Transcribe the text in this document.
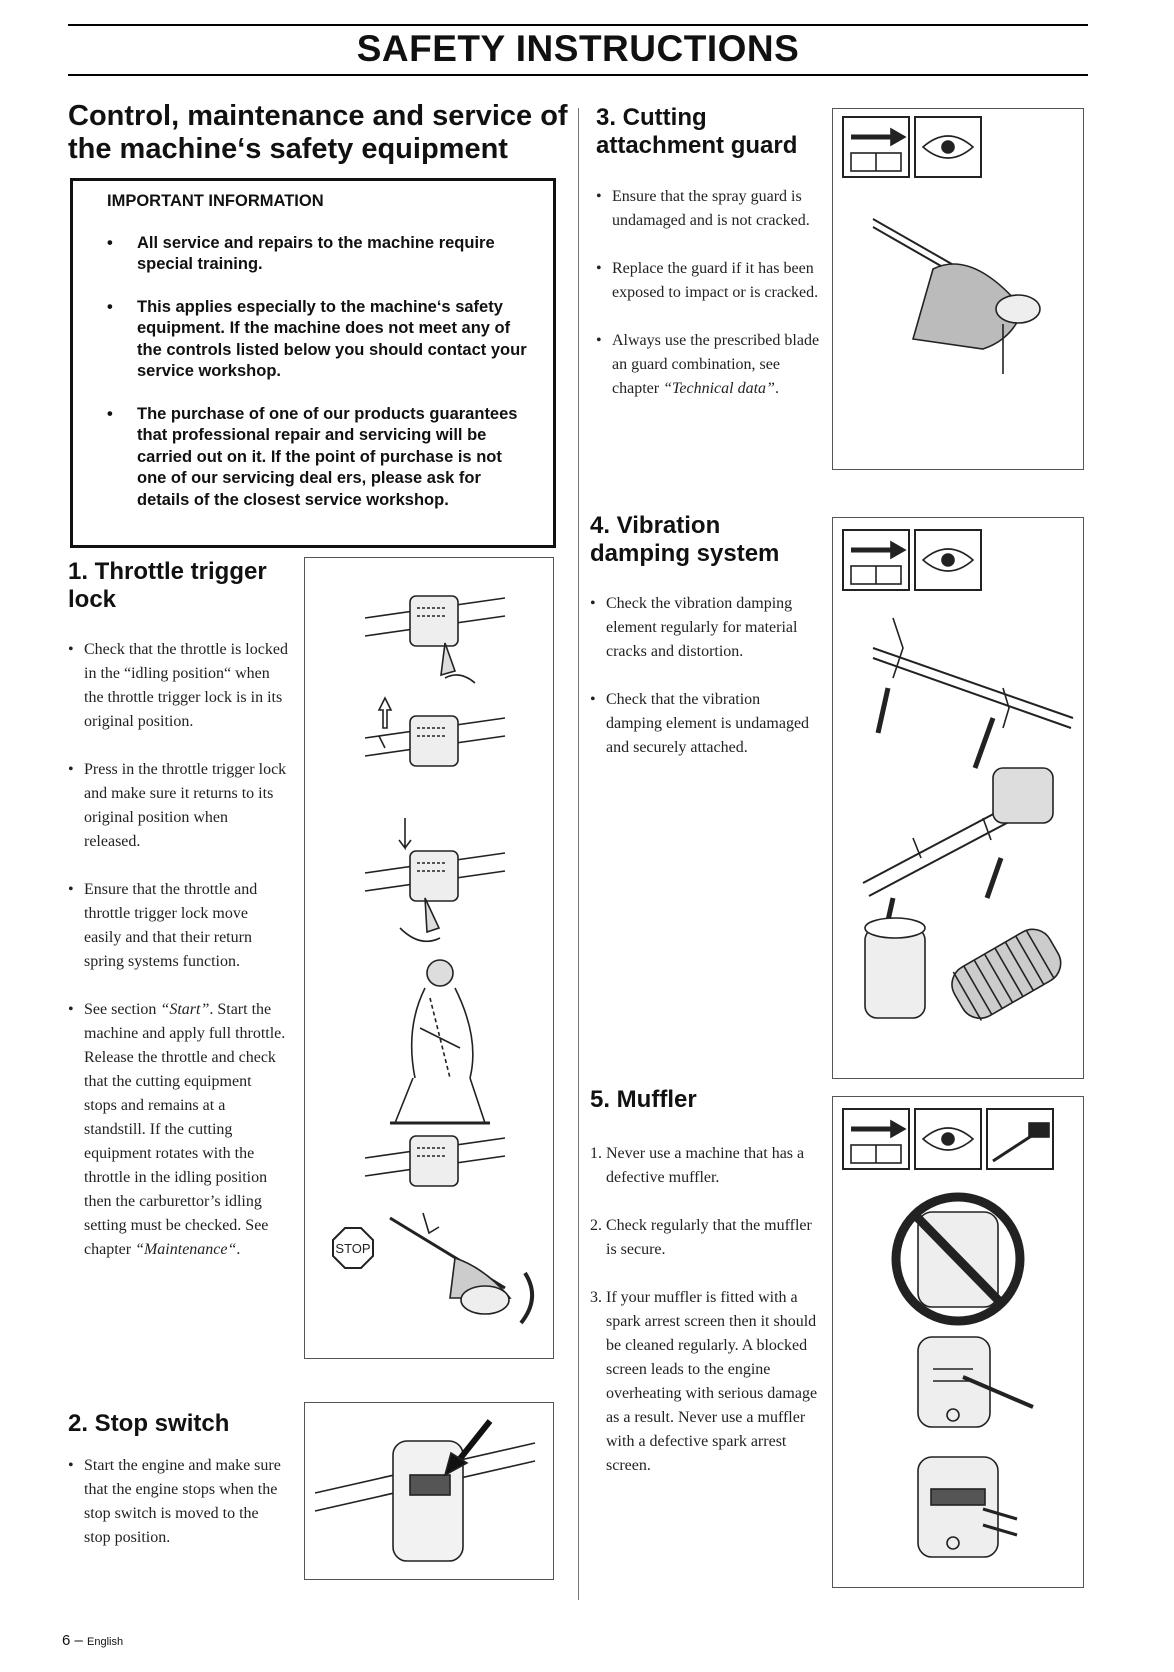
SAFETY INSTRUCTIONS
Control, maintenance and service of
the machine‘s safety equipment

IMPORTANT INFORMATION

• All service and repairs to the machine require special training.
• This applies especially to the machine‘s safety equipment. If the machine does not meet any of the controls listed below you should contact your service workshop.
• The purchase of one of our products guarantees that professional repair and servicing will be carried out on it. If the point of purchase is not one of our servicing deal ers, please ask for details of the closest service workshop.
1. Throttle trigger
lock
• Check that the throttle is locked in the “idling position“ when the throttle trigger lock is in its original position.
• Press in the throttle trigger lock and make sure it returns to its original position when released.
• Ensure that the throttle and throttle trigger lock move easily and that their return spring systems function.
• See section “Start”. Start the machine and apply full throttle. Release the throttle and check that the cutting equipment stops and remains at a standstill. If the cutting equipment rotates with the throttle in the idling position then the carburettor’s idling setting must be checked. See chapter “Maintenance“.	STOP
2. Stop switch
• Start the engine and make sure that the engine stops when the stop switch is moved to the stop position.
3. Cutting
attachment guard
• Ensure that the spray guard is undamaged and is not cracked.
• Replace the guard if it has been exposed to impact or is cracked.
• Always use the prescribed blade an guard combination, see chapter “Technical data”.
4. Vibration
damping system
• Check the vibration damping element regularly for material cracks and distortion.
• Check that the vibration damping element is undamaged and securely attached.
5. Muffler
1. Never use a machine that has a defective muffler.
2. Check regularly that the muffler is secure.
3. If your muffler is fitted with a spark arrest screen then it should be cleaned regularly. A blocked screen leads to the engine overheating with serious damage as a result. Never use a muffler with a defective spark arrest screen.
6 – English
